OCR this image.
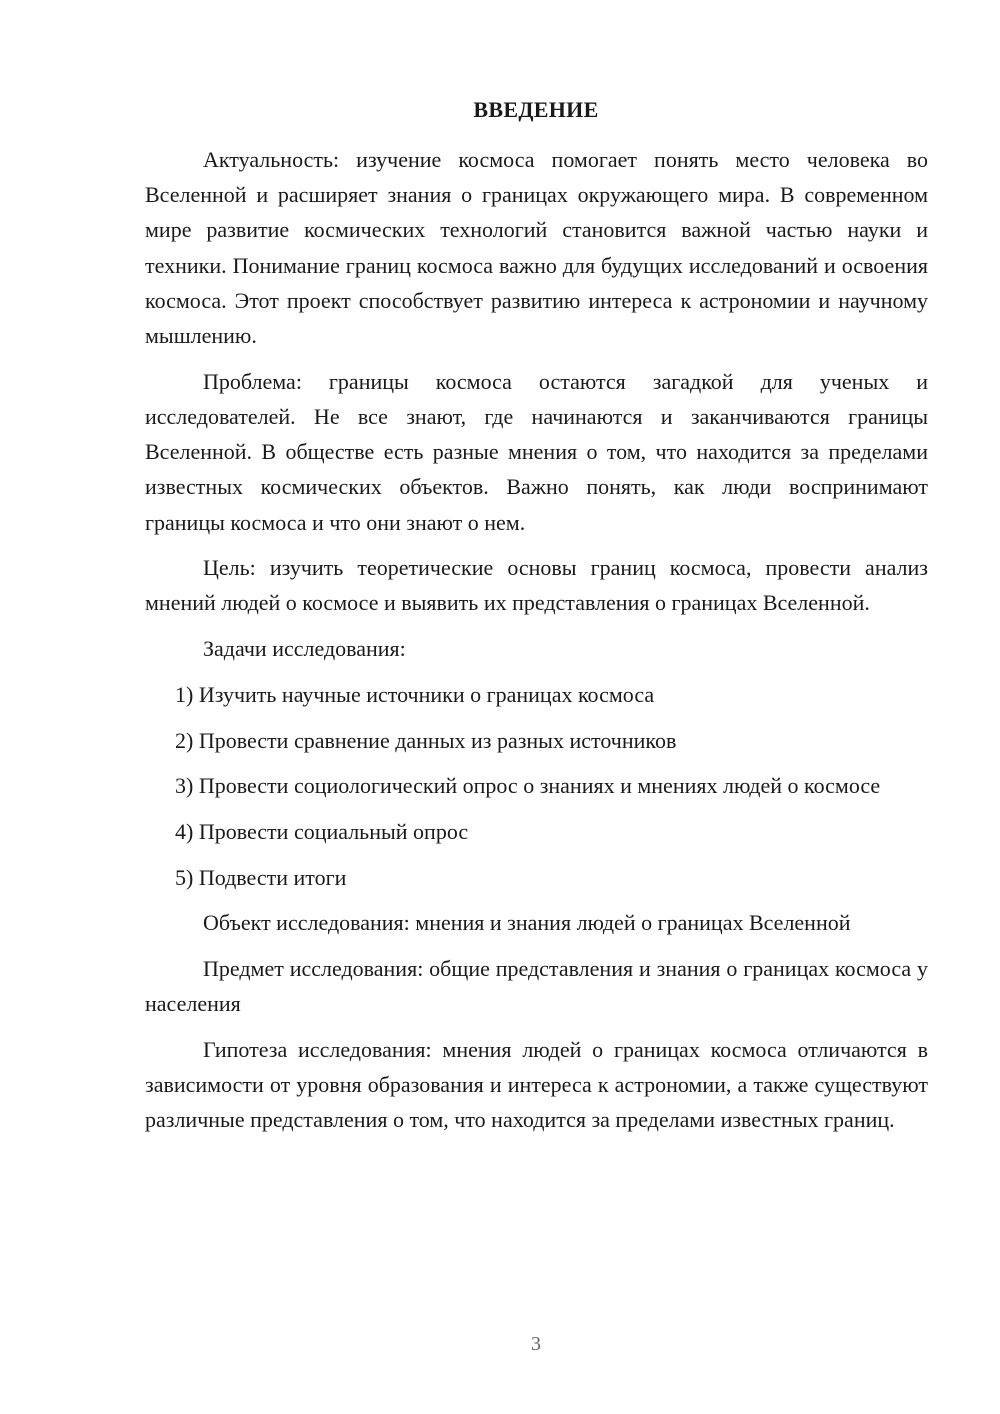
ВВЕДЕНИЕ

Актуальность: изучение космоса помогает понять место человека во Вселенной и расширяет знания о границах окружающего мира. В современном мире развитие космических технологий становится важной частью науки и техники. Понимание границ космоса важно для будущих исследований и освоения космоса. Этот проект способствует развитию интереса к астрономии и научному мышлению.

Проблема: границы космоса остаются загадкой для ученых и исследователей. Не все знают, где начинаются и заканчиваются границы Вселенной. В обществе есть разные мнения о том, что находится за пределами известных космических объектов. Важно понять, как люди воспринимают границы космоса и что они знают о нем.

Цель: изучить теоретические основы границ космоса, провести анализ мнений людей о космосе и выявить их представления о границах Вселенной.

Задачи исследования:

1) Изучить научные источники о границах космоса

2) Провести сравнение данных из разных источников

3) Провести социологический опрос о знаниях и мнениях людей о космосе

4) Провести социальный опрос

5) Подвести итоги

Объект исследования: мнения и знания людей о границах Вселенной

Предмет исследования: общие представления и знания о границах космоса у населения

Гипотеза исследования: мнения людей о границах космоса отличаются в зависимости от уровня образования и интереса к астрономии, а также существуют различные представления о том, что находится за пределами известных границ.

3
